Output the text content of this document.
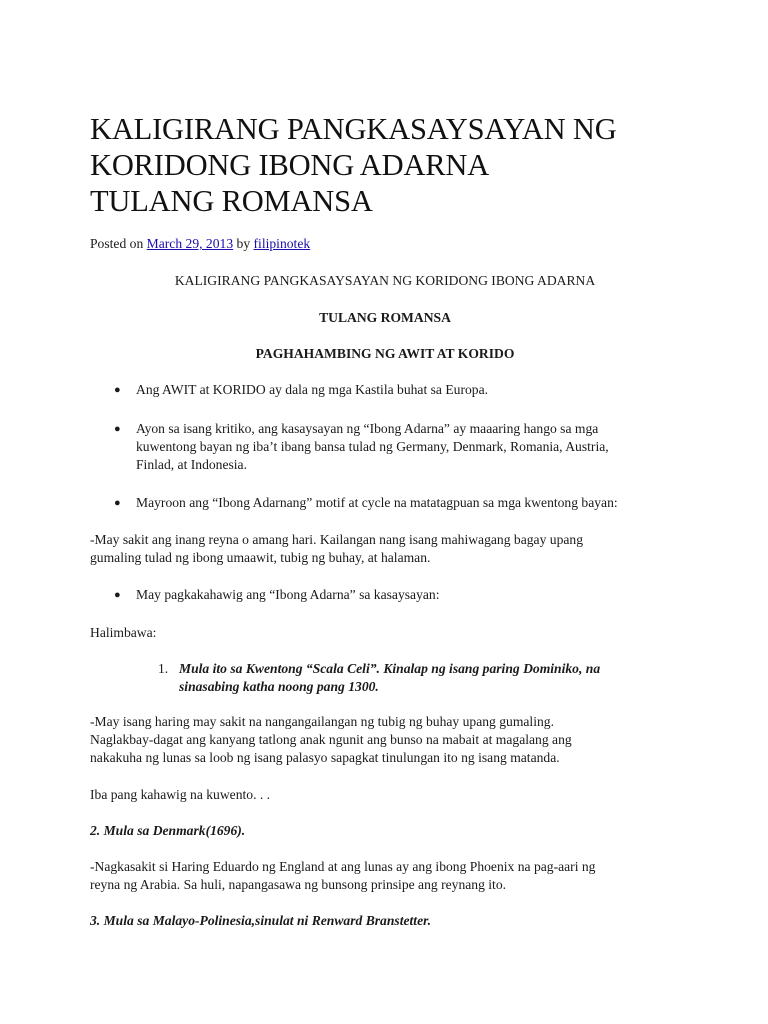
KALIGIRANG PANGKASAYSAYAN NG
KORIDONG IBONG ADARNA
TULANG ROMANSA
Posted on March 29, 2013 by filipinotek
KALIGIRANG PANGKASAYSAYAN NG KORIDONG IBONG ADARNA
TULANG ROMANSA
PAGHAHAMBING NG AWIT AT KORIDO
● Ang AWIT at KORIDO ay dala ng mga Kastila buhat sa Europa.
● Ayon sa isang kritiko, ang kasaysayan ng “Ibong Adarna” ay maaaring hango sa mga
kuwentong bayan ng iba’t ibang bansa tulad ng Germany, Denmark, Romania, Austria,
Finlad, at Indonesia.
● Mayroon ang “Ibong Adarnang” motif at cycle na matatagpuan sa mga kwentong bayan:
-May sakit ang inang reyna o amang hari. Kailangan nang isang mahiwagang bagay upang
gumaling tulad ng ibong umaawit, tubig ng buhay, at halaman.
● May pagkakahawig ang “Ibong Adarna” sa kasaysayan:
Halimbawa:
1. Mula ito sa Kwentong “Scala Celi”. Kinalap ng isang paring Dominiko, na
sinasabing katha noong pang 1300.
-May isang haring may sakit na nangangailangan ng tubig ng buhay upang gumaling.
Naglakbay-dagat ang kanyang tatlong anak ngunit ang bunso na mabait at magalang ang
nakakuha ng lunas sa loob ng isang palasyo sapagkat tinulungan ito ng isang matanda.
Iba pang kahawig na kuwento. . .
2. Mula sa Denmark(1696).
-Nagkasakit si Haring Eduardo ng England at ang lunas ay ang ibong Phoenix na pag-aari ng
reyna ng Arabia. Sa huli, napangasawa ng bunsong prinsipe ang reynang ito.
3. Mula sa Malayo-Polinesia,sinulat ni Renward Branstetter.
